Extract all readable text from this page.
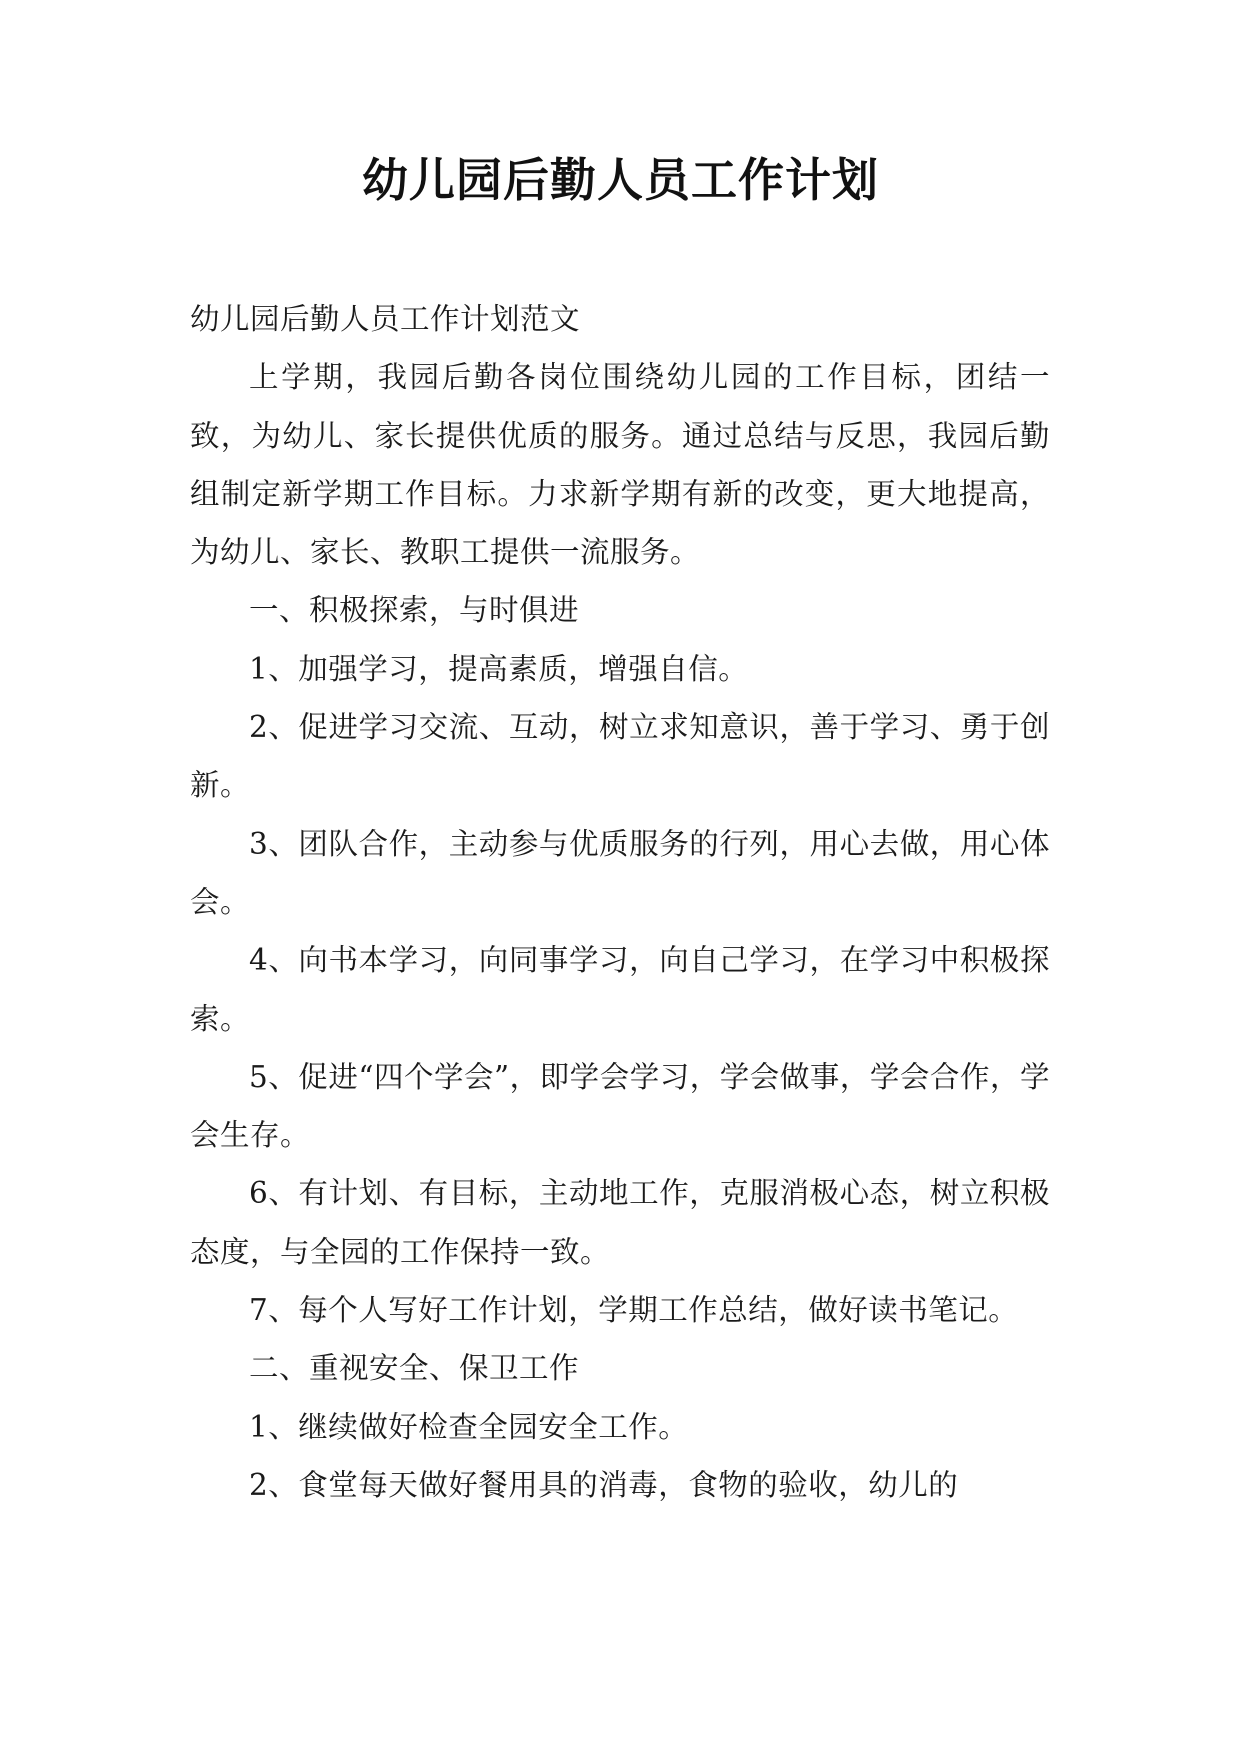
幼儿园后勤人员工作计划

幼儿园后勤人员工作计划范文

上学期，我园后勤各岗位围绕幼儿园的工作目标，团结一致，为幼儿、家长提供优质的服务。通过总结与反思，我园后勤组制定新学期工作目标。力求新学期有新的改变，更大地提高，为幼儿、家长、教职工提供一流服务。

一、积极探索，与时俱进

1、加强学习，提高素质，增强自信。

2、促进学习交流、互动，树立求知意识，善于学习、勇于创新。

3、团队合作，主动参与优质服务的行列，用心去做，用心体会。

4、向书本学习，向同事学习，向自己学习，在学习中积极探索。

5、促进“四个学会”，即学会学习，学会做事，学会合作，学会生存。

6、有计划、有目标，主动地工作，克服消极心态，树立积极态度，与全园的工作保持一致。

7、每个人写好工作计划，学期工作总结，做好读书笔记。

二、重视安全、保卫工作

1、继续做好检查全园安全工作。

2、食堂每天做好餐用具的消毒，食物的验收，幼儿的
